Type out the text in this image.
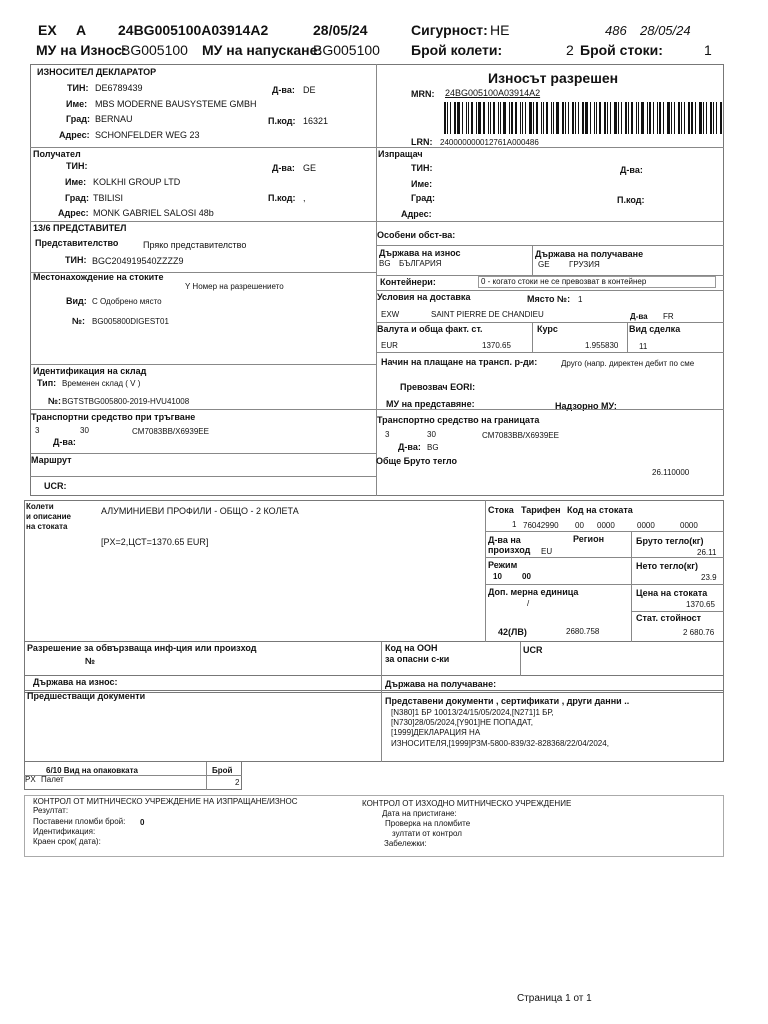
EX A 24BG005100A03914A2	28/05/24	Сигурност: НЕ	486 28/05/24
МУ на Износ:
BG005100 МУ на напускане:
BG005100 Брой колети:	2 Брой стоки:	1
ИЗНОСИТЕЛ ДЕКЛАРАТОР
ТИН: DE6789439	Д-ва: DE
Име: MBS MODERNE BAUSYSTEME GMBH
Град: BERNAU	П.код: 16321
Адрес: SCHONFELDER WEG 23
Износът разрешен
MRN: 24BG005100A03914A2
LRN: 240000000012761A000486
Получател
ТИН:	Д-ва: GE
Име: KOLKHI GROUP LTD
Град: TBILISI	П.код: ,
Адрес: MONK GABRIEL SALOSI 48b
Изпращач
ТИН:	Д-ва:
Име:
Град:	П.код:
Адрес:
13/6 ПРЕДСТАВИТЕЛ
Представителство	Пряко представителство
ТИН: BGC204919540ZZZZ9
Особени обст-ва:
Държава на износ
BG БЪЛГАРИЯ
Държава на получаване
GE ГРУЗИЯ
Местонахождение на стоките
Y Номер на разрешението
Вид: C Одобрено място
№: BG005800DIGEST01
Контейнери:	0 - когато стоки не се превозват в контейнер
Условия на доставка	Място №: 1
EXW	SAINT PIERRE DE CHANDIEU	Д-ва FR
Валута и обща факт. ст.
EUR	1370.65
Курс
1.955830
Вид сделка
11
Начин на плащане на трансп. р-ди:	Друго (напр. директен дебит по сме
Превозвач EORI:
МУ на представяне:	Надзорно МУ:
Идентификация на склад
Тип: Временен склад ( V )
№: BGTSTBG005800-2019-HVU41008
Транспортни средство при тръгване
3	30	CM7083BB/X6939EE
Д-ва:
Транспортно средство на границата
3	30	CM7083BB/X6939EE
Д-ва: BG
Маршрут	Обще Бруто тегло
26.110000
UCR:
Колети
и описание
на стоката
АЛУМИНИЕВИ ПРОФИЛИ - ОБЩО - 2 КОЛЕТА
[PX=2,ЦСТ=1370.65 EUR]
Стока Тарифен Код на стоката
1 76042990 00 0000	0000	0000
Д-ва на
произход EU
Регион	Бруто тегло(кг)
26.11
Режим
10	00
Нето тегло(кг)
23.9
Доп. мерна единица
/
Цена на стоката
1370.65
Стат. стойност
2 680.76
42(ЛВ)	2680.758
Разрешение за обвързваща инф-ция или произход
№
Код на ООН
за опасни с-ки
UCR
Държава на износ:	Държава на получаване:
Предшестващи документи	Представени документи , сертификати , други данни ..
[N380]1 БР 10013/24/15/05/2024,[N271]1 БР,
[N730]28/05/2024,[Y901]НЕ ПОПАДАТ,
[1999]ДЕКЛАРАЦИЯ НА
ИЗНОСИТЕЛЯ,[1999]РЗМ-5800-839/32-828368/22/04/2024,
6/10 Вид на опаковката	Брой
PX Палет	2
КОНТРОЛ ОТ МИТНИЧЕСКО УЧРЕЖДЕНИЕ НА ИЗПРАЩАНЕ/ИЗНОС
Резултат:
Поставени пломби брой: 0
Идентификация:
Краен срок( дата):
КОНТРОЛ ОТ ИЗХОДНО МИТНИЧЕСКО УЧРЕЖДЕНИЕ
Дата на пристигане:
Проверка на пломбите
зултати от контрол
Забележки:
Страница 1 от 1
